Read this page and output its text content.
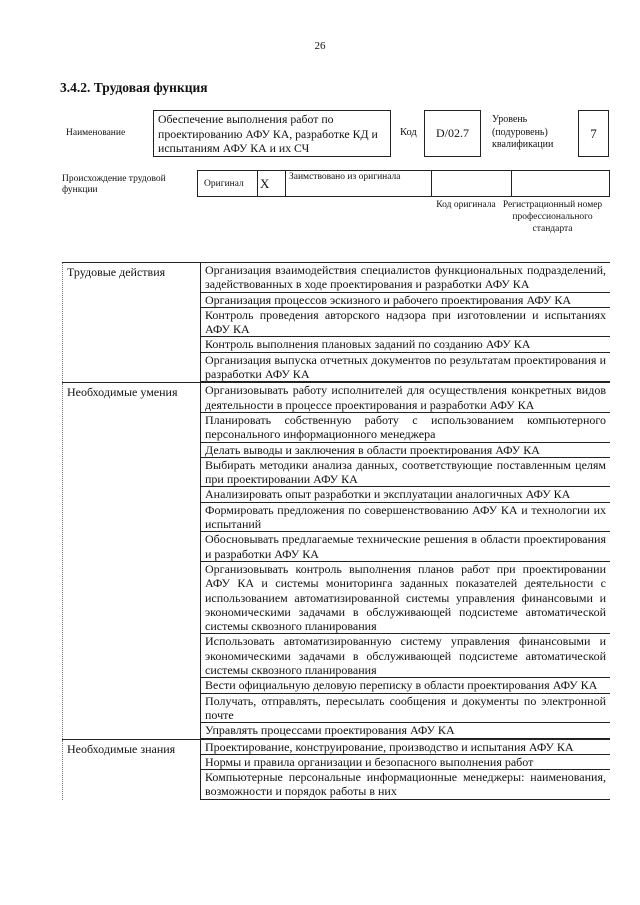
26
3.4.2. Трудовая функция
Наименование
Обеспечение выполнения работ по проектированию АФУ КА, разработке КД и испытаниям АФУ КА и их СЧ
Код	D/02.7
Уровень (подуровень) квалификации
7
Происхождение трудовой функции
Оригинал	X	Заимствовано из оригинала
Код оригинала Регистрационный номер профессионального стандарта
Трудовые действия	Организация взаимодействия специалистов функциональных подразделений, задействованных в ходе проектирования и разработки АФУ КА
Организация процессов эскизного и рабочего проектирования АФУ КА
Контроль проведения авторского надзора при изготовлении и испытаниях АФУ КА
Контроль выполнения плановых заданий по созданию АФУ КА
Организация выпуска отчетных документов по результатам проектирования и разработки АФУ КА
Необходимые умения	Организовывать работу исполнителей для осуществления конкретных видов деятельности в процессе проектирования и разработки АФУ КА
Планировать собственную работу с использованием компьютерного персонального информационного менеджера
Делать выводы и заключения в области проектирования АФУ КА
Выбирать методики анализа данных, соответствующие поставленным целям при проектировании АФУ КА
Анализировать опыт разработки и эксплуатации аналогичных АФУ КА
Формировать предложения по совершенствованию АФУ КА и технологии их испытаний
Обосновывать предлагаемые технические решения в области проектирования и разработки АФУ КА
Организовывать контроль выполнения планов работ при проектировании АФУ КА и системы мониторинга заданных показателей деятельности с использованием автоматизированной системы управления финансовыми и экономическими задачами в обслуживающей подсистеме автоматической системы сквозного планирования
Использовать автоматизированную систему управления финансовыми и экономическими задачами в обслуживающей подсистеме автоматической системы сквозного планирования
Вести официальную деловую переписку в области проектирования АФУ КА
Получать, отправлять, пересылать сообщения и документы по электронной почте
Управлять процессами проектирования АФУ КА
Необходимые знания	Проектирование, конструирование, производство и испытания АФУ КА
Нормы и правила организации и безопасного выполнения работ
Компьютерные персональные информационные менеджеры: наименования, возможности и порядок работы в них
